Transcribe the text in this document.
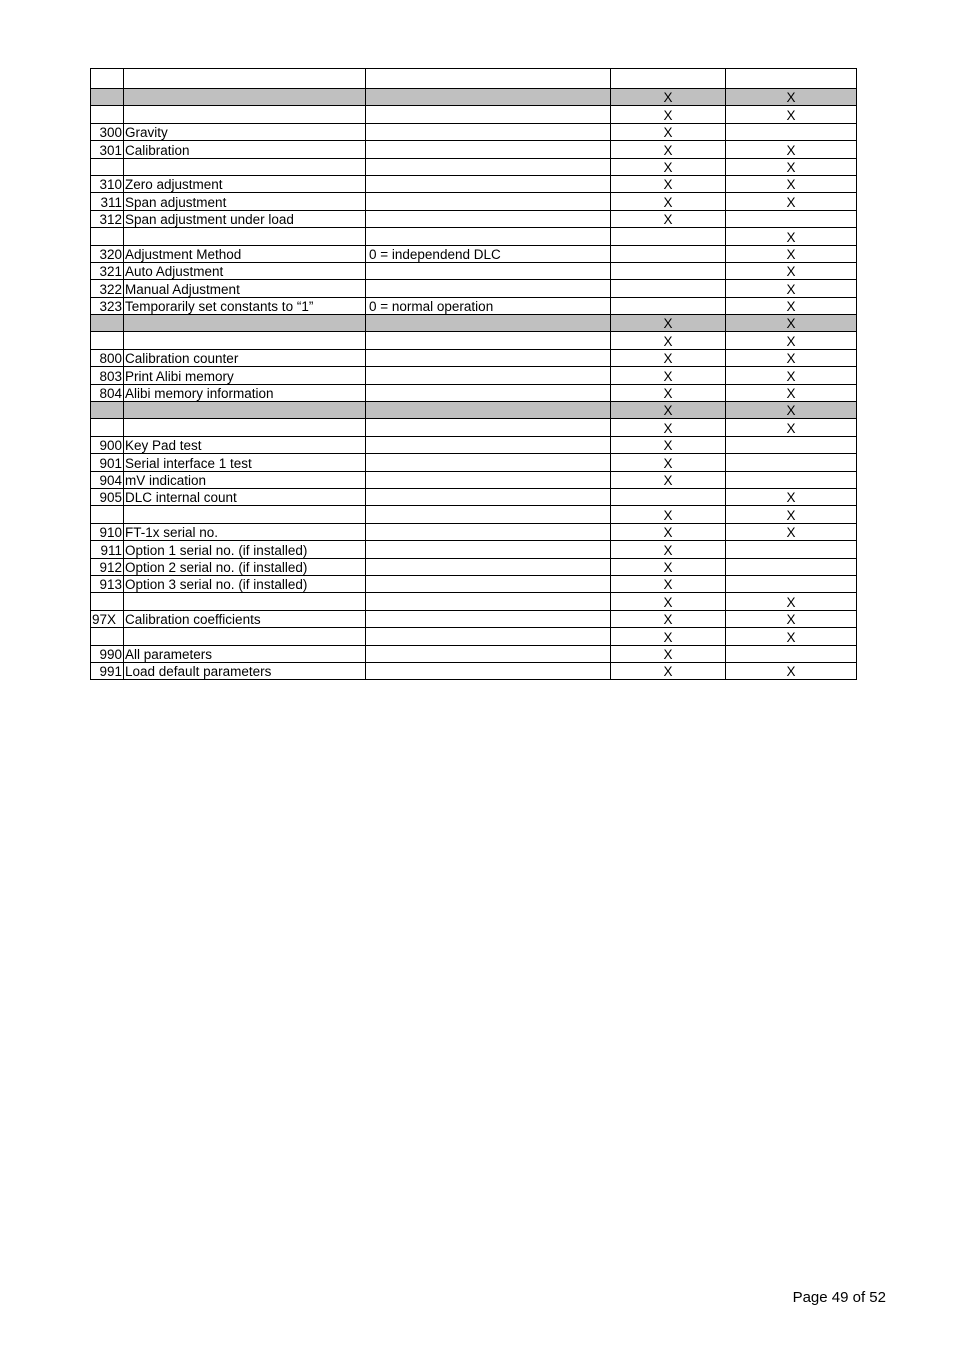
			X	X
			X	X
300	Gravity		X	
301	Calibration		X	X
			X	X
310	Zero adjustment		X	X
311	Span adjustment		X	X
312	Span adjustment under load		X	
				X
320	Adjustment Method	0 = independend DLC		X
321	Auto Adjustment			X
322	Manual Adjustment			X
323	Temporarily set constants to “1”	0 = normal operation		X
			X	X
			X	X
800	Calibration counter		X	X
803	Print Alibi memory		X	X
804	Alibi memory information		X	X
			X	X
			X	X
900	Key Pad test		X	
901	Serial interface 1 test		X	
904	mV indication		X	
905	DLC internal count			X
			X	X
910	FT-1x serial no.		X	X
911	Option 1 serial no. (if installed)		X	
912	Option 2 serial no. (if installed)		X	
913	Option 3 serial no. (if installed)		X	
			X	X
97X	Calibration coefficients		X	X
			X	X
990	All parameters		X	
991	Load default parameters		X	X
Page 49 of 52
